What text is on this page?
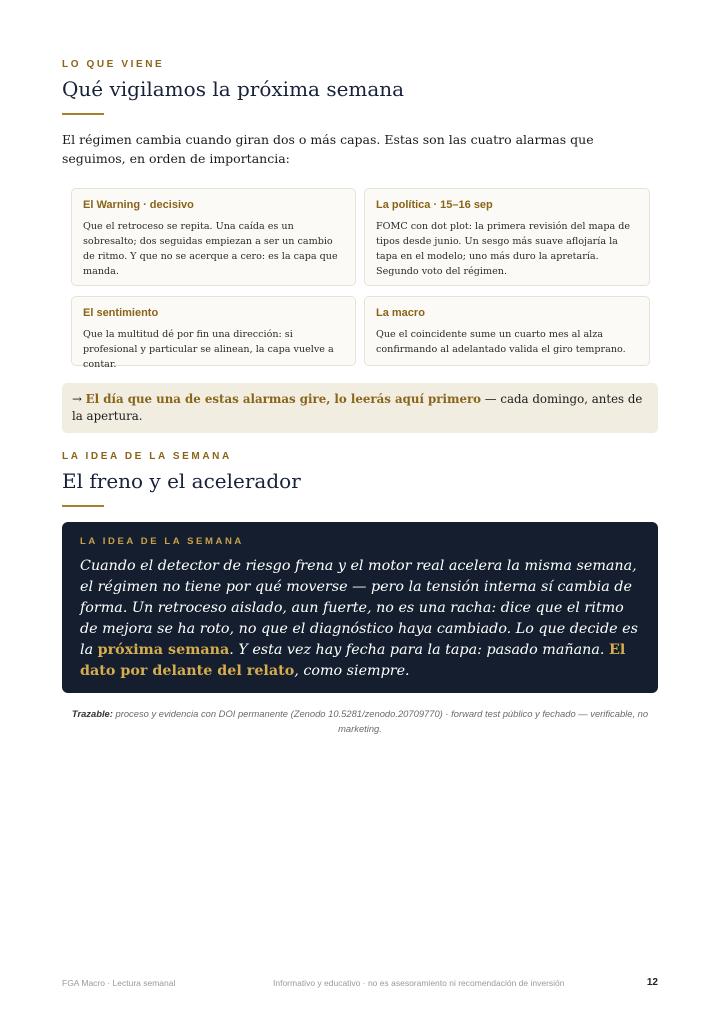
LO QUE VIENE
Qué vigilamos la próxima semana
El régimen cambia cuando giran dos o más capas. Estas son las cuatro alarmas que seguimos, en orden de importancia:
El Warning · decisivo
Que el retroceso se repita. Una caída es un sobresalto; dos seguidas empiezan a ser un cambio de ritmo. Y que no se acerque a cero: es la capa que manda.
La política · 15–16 sep
FOMC con dot plot: la primera revisión del mapa de tipos desde junio. Un sesgo más suave aflojaría la tapa en el modelo; uno más duro la apretaría. Segundo voto del régimen.
El sentimiento
Que la multitud dé por fin una dirección: si profesional y particular se alinean, la capa vuelve a contar.
La macro
Que el coincidente sume un cuarto mes al alza confirmando al adelantado valida el giro temprano.
→ El día que una de estas alarmas gire, lo leerás aquí primero — cada domingo, antes de la apertura.
LA IDEA DE LA SEMANA
El freno y el acelerador
LA IDEA DE LA SEMANA
Cuando el detector de riesgo frena y el motor real acelera la misma semana, el régimen no tiene por qué moverse — pero la tensión interna sí cambia de forma. Un retroceso aislado, aun fuerte, no es una racha: dice que el ritmo de mejora se ha roto, no que el diagnóstico haya cambiado. Lo que decide es la próxima semana. Y esta vez hay fecha para la tapa: pasado mañana. El dato por delante del relato, como siempre.
Trazable: proceso y evidencia con DOI permanente (Zenodo 10.5281/zenodo.20709770) · forward test público y fechado — verificable, no marketing.
FGA Macro · Lectura semanal	Informativo y educativo · no es asesoramiento ni recomendación de inversión	12
